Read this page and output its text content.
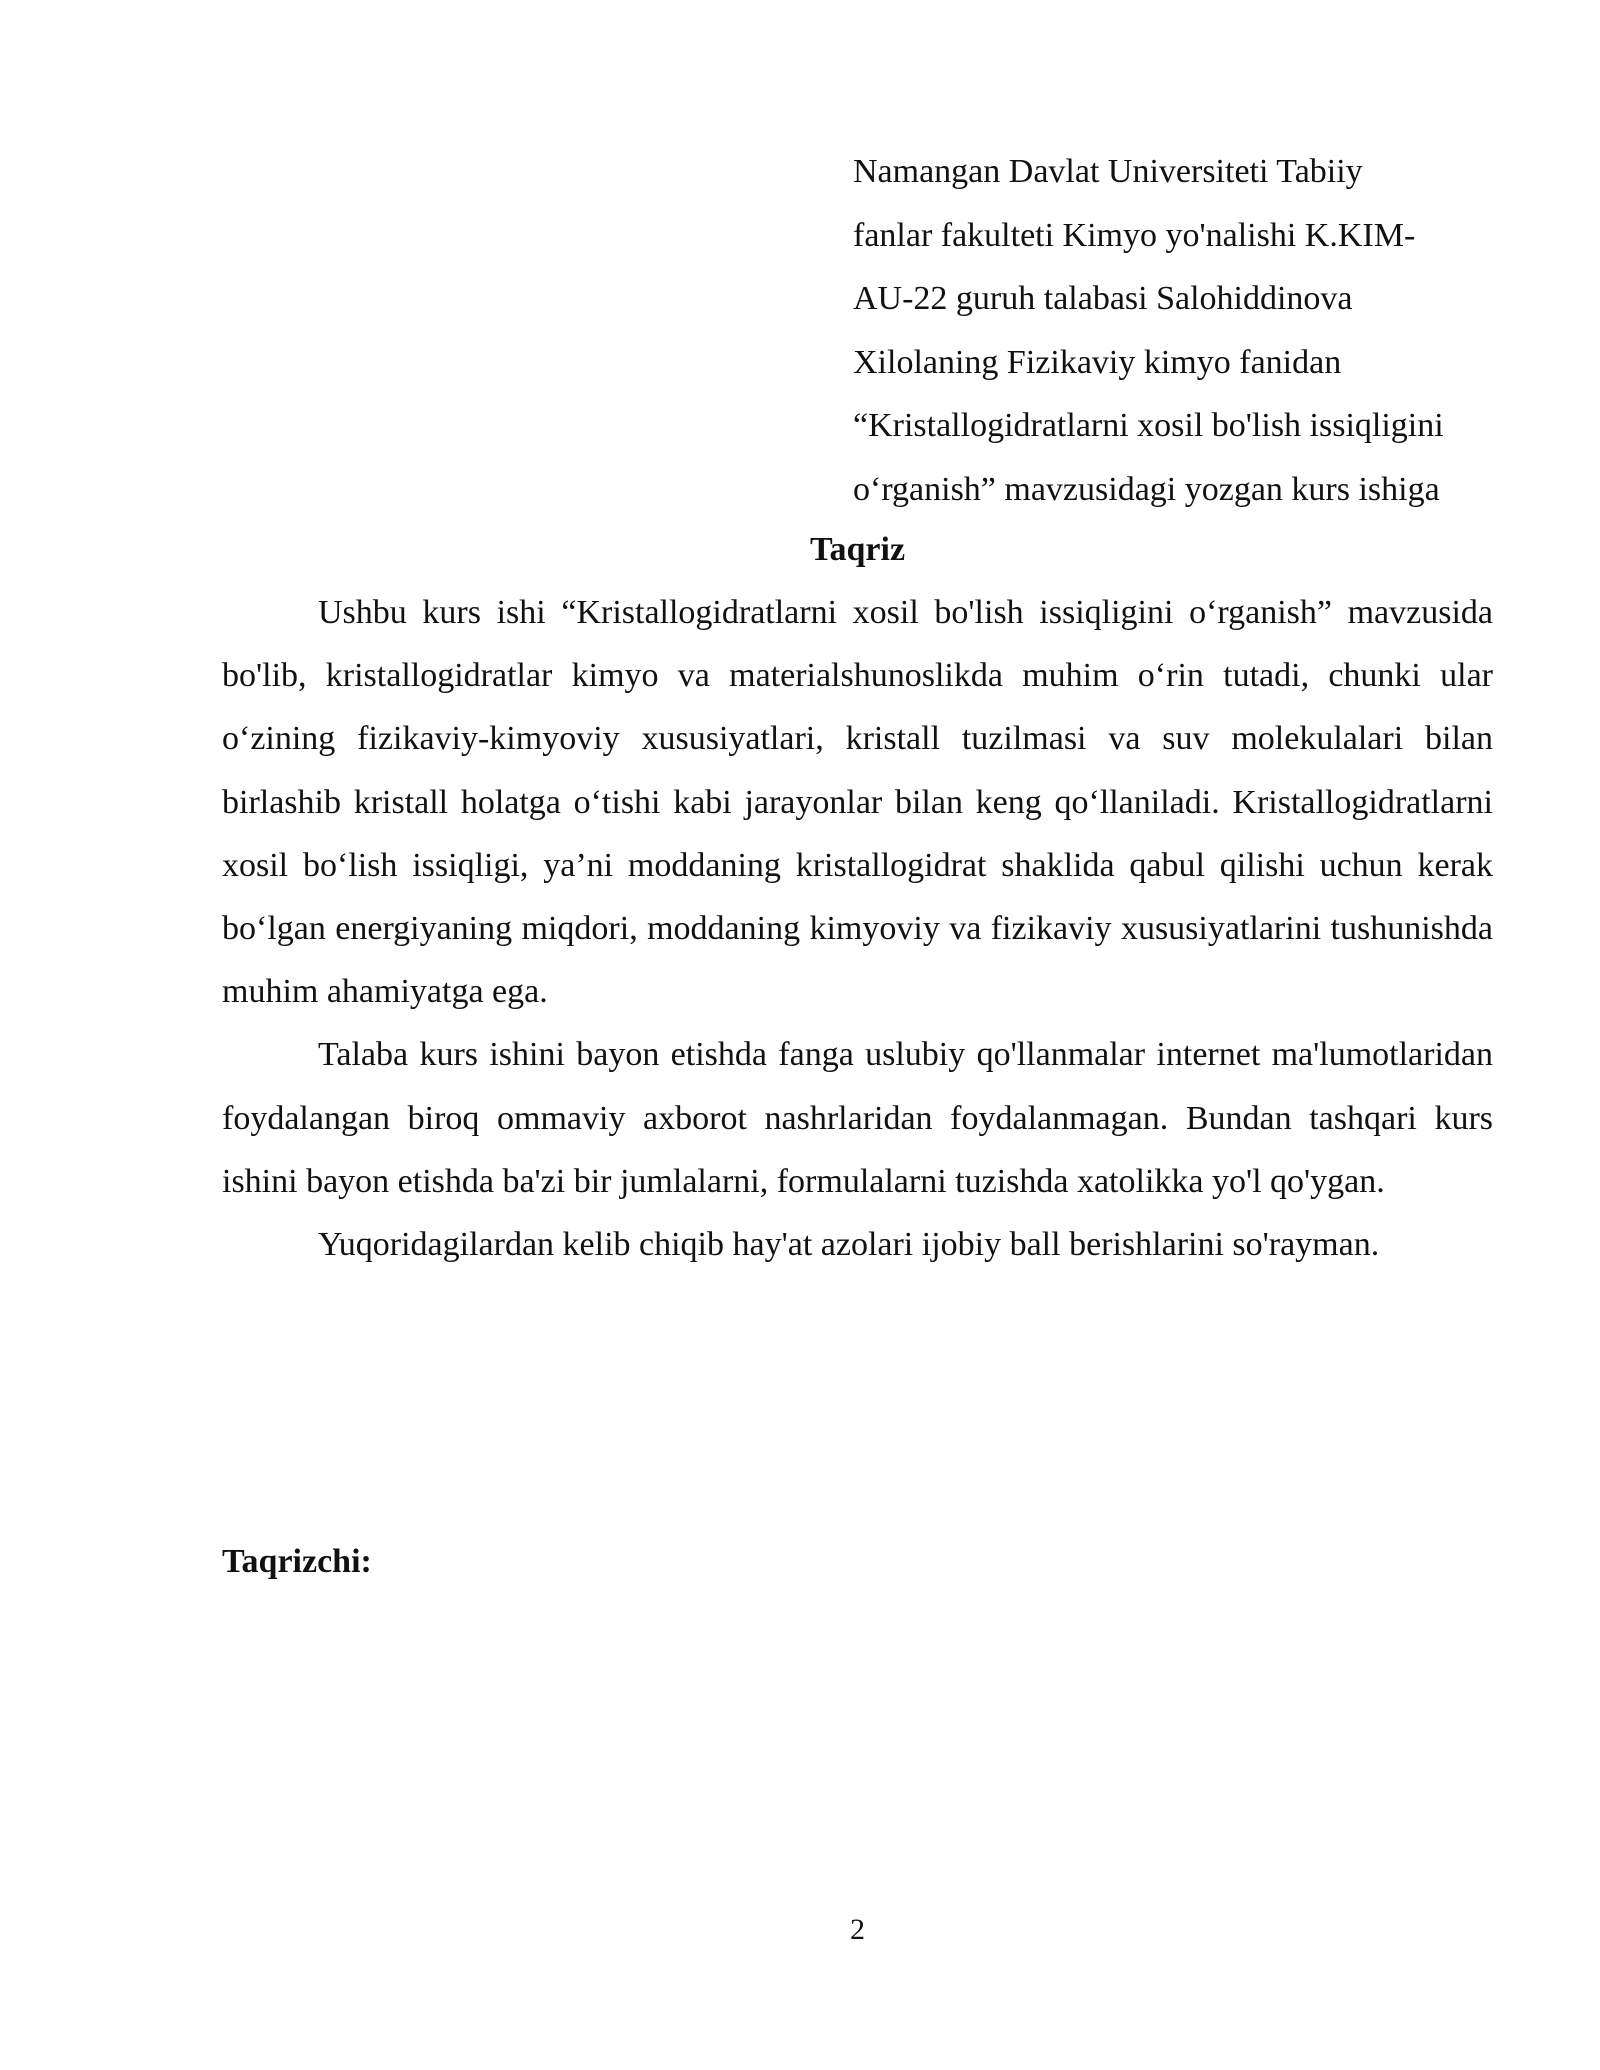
Namangan Davlat Universiteti Tabiiy
fanlar fakulteti Kimyo yo'nalishi K.KIM-
AU-22 guruh talabasi Salohiddinova
Xilolaning Fizikaviy kimyo fanidan
“Kristallogidratlarni xosil bo'lish issiqligini
o‘rganish” mavzusidagi yozgan kurs ishiga
Taqriz

Ushbu kurs ishi “Kristallogidratlarni xosil bo'lish issiqligini o‘rganish” mavzusida bo'lib, kristallogidratlar kimyo va materialshunoslikda muhim o‘rin tutadi, chunki ular o‘zining fizikaviy-kimyoviy xususiyatlari, kristall tuzilmasi va suv molekulalari bilan birlashib kristall holatga o‘tishi kabi jarayonlar bilan keng qo‘llaniladi. Kristallogidratlarni xosil bo‘lish issiqligi, ya’ni moddaning kristallogidrat shaklida qabul qilishi uchun kerak bo‘lgan energiyaning miqdori, moddaning kimyoviy va fizikaviy xususiyatlarini tushunishda muhim ahamiyatga ega.

Talaba kurs ishini bayon etishda fanga uslubiy qo'llanmalar internet ma'lumotlaridan foydalangan biroq ommaviy axborot nashrlaridan foydalanmagan. Bundan tashqari kurs ishini bayon etishda ba'zi bir jumlalarni, formulalarni tuzishda xatolikka yo'l qo'ygan.

Yuqoridagilardan kelib chiqib hay'at azolari ijobiy ball berishlarini so'rayman.

Taqrizchi:
2
